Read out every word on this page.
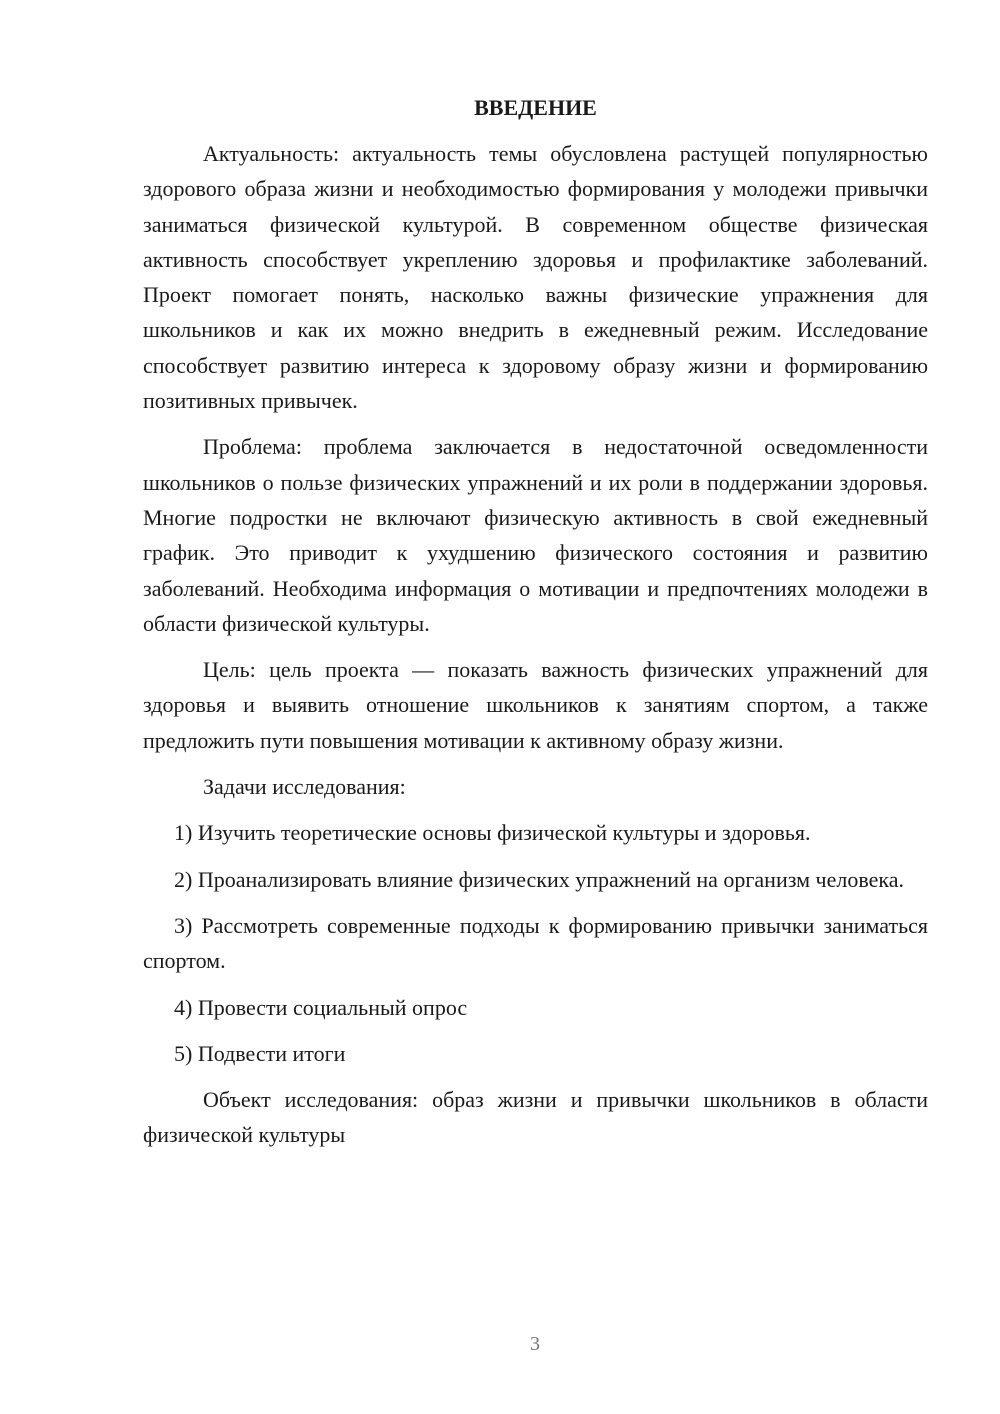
ВВЕДЕНИЕ

Актуальность: актуальность темы обусловлена растущей популярностью здорового образа жизни и необходимостью формирования у молодежи привычки заниматься физической культурой. В современном обществе физическая активность способствует укреплению здоровья и профилактике заболеваний. Проект помогает понять, насколько важны физические упражнения для школьников и как их можно внедрить в ежедневный режим. Исследование способствует развитию интереса к здоровому образу жизни и формированию позитивных привычек.

Проблема: проблема заключается в недостаточной осведомленности школьников о пользе физических упражнений и их роли в поддержании здоровья. Многие подростки не включают физическую активность в свой ежедневный график. Это приводит к ухудшению физического состояния и развитию заболеваний. Необходима информация о мотивации и предпочтениях молодежи в области физической культуры.

Цель: цель проекта — показать важность физических упражнений для здоровья и выявить отношение школьников к занятиям спортом, а также предложить пути повышения мотивации к активному образу жизни.

Задачи исследования:

1) Изучить теоретические основы физической культуры и здоровья.

2) Проанализировать влияние физических упражнений на организм человека.

3) Рассмотреть современные подходы к формированию привычки заниматься спортом.

4) Провести социальный опрос

5) Подвести итоги

Объект исследования: образ жизни и привычки школьников в области физической культуры

3
